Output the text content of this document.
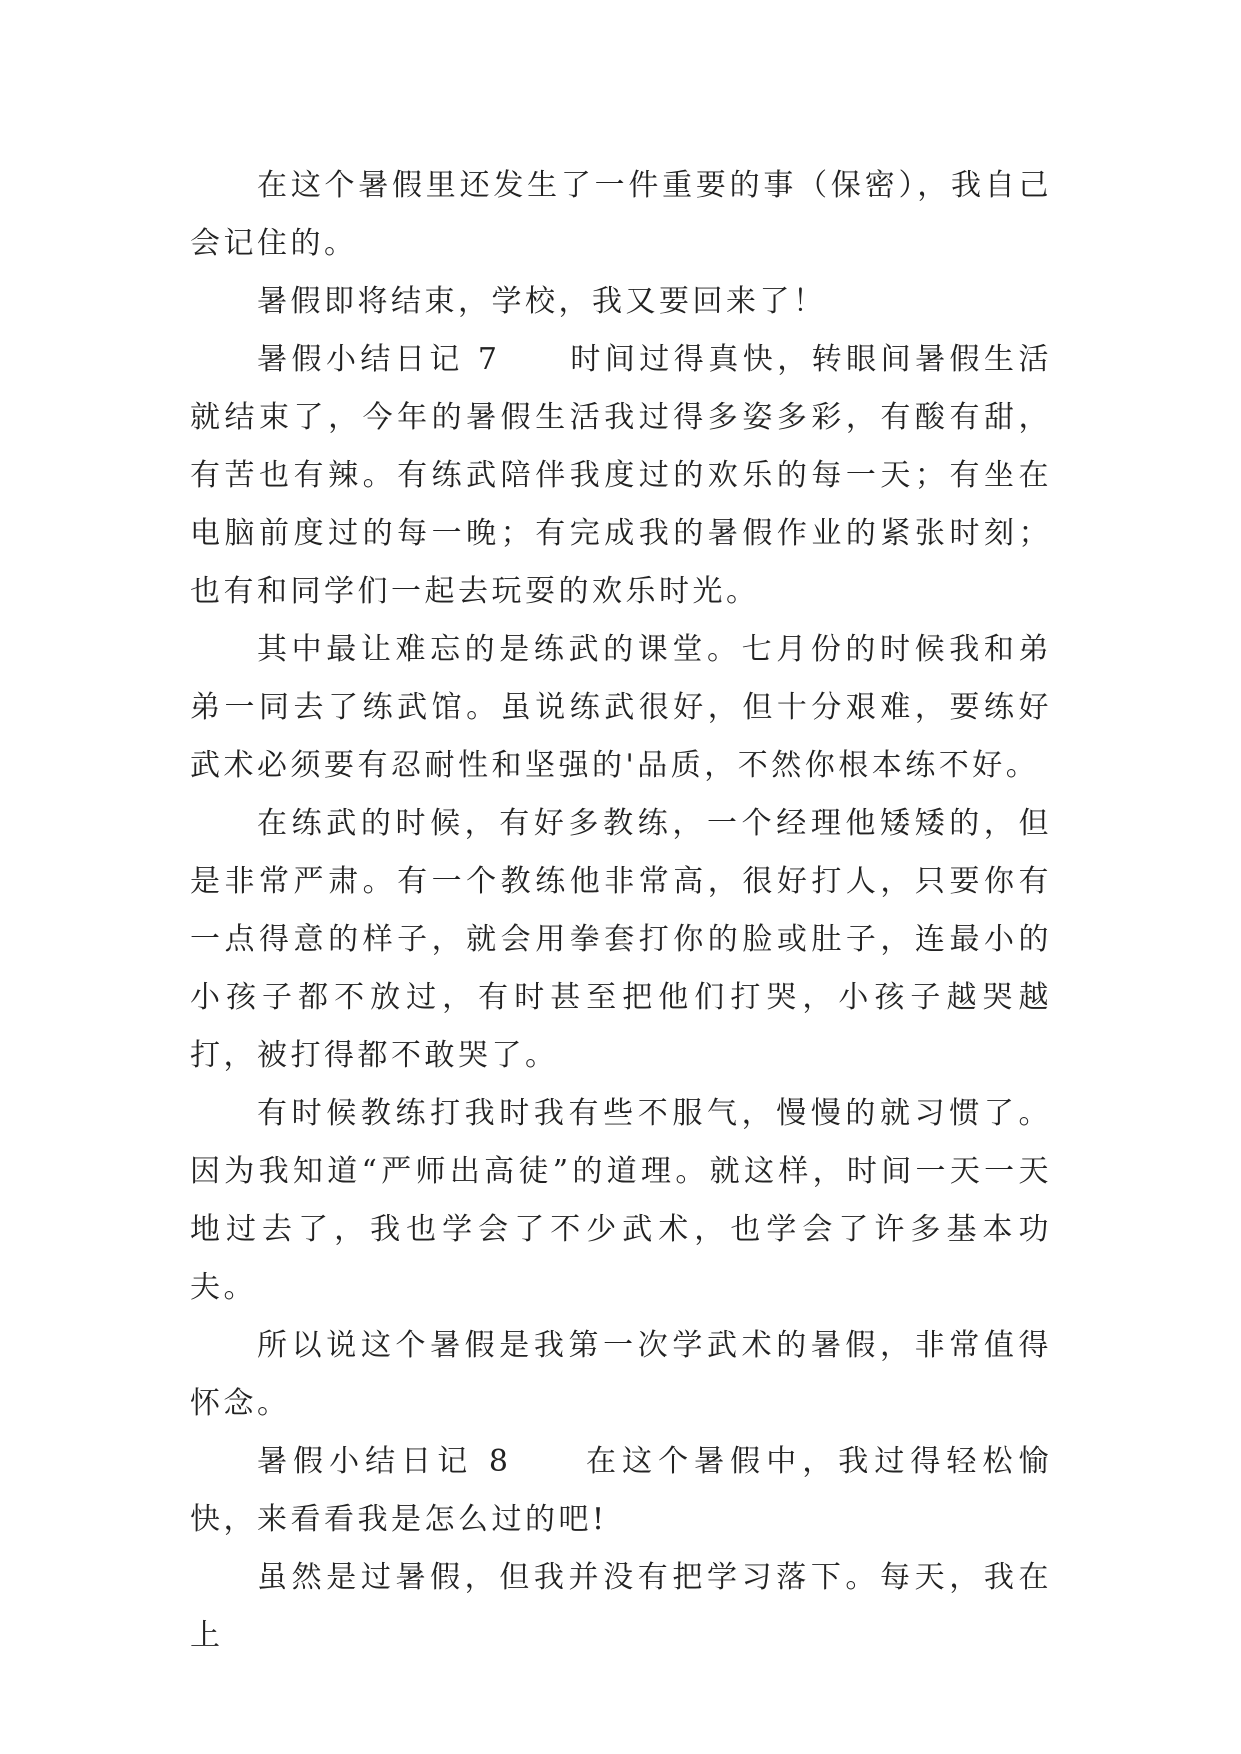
在这个暑假里还发生了一件重要的事（保密），我自己会记住的。

暑假即将结束，学校，我又要回来了！

暑假小结日记 7　　时间过得真快，转眼间暑假生活就结束了，今年的暑假生活我过得多姿多彩，有酸有甜，有苦也有辣。有练武陪伴我度过的欢乐的每一天；有坐在电脑前度过的每一晚；有完成我的暑假作业的紧张时刻；也有和同学们一起去玩耍的欢乐时光。

其中最让难忘的是练武的课堂。七月份的时候我和弟弟一同去了练武馆。虽说练武很好，但十分艰难，要练好武术必须要有忍耐性和坚强的'品质，不然你根本练不好。

在练武的时候，有好多教练，一个经理他矮矮的，但是非常严肃。有一个教练他非常高，很好打人，只要你有一点得意的样子，就会用拳套打你的脸或肚子，连最小的小孩子都不放过，有时甚至把他们打哭，小孩子越哭越打，被打得都不敢哭了。

有时候教练打我时我有些不服气，慢慢的就习惯了。因为我知道“严师出高徒”的道理。就这样，时间一天一天地过去了，我也学会了不少武术，也学会了许多基本功夫。

所以说这个暑假是我第一次学武术的暑假，非常值得怀念。

暑假小结日记 8　　在这个暑假中，我过得轻松愉快，来看看我是怎么过的吧!

虽然是过暑假，但我并没有把学习落下。每天，我在上
